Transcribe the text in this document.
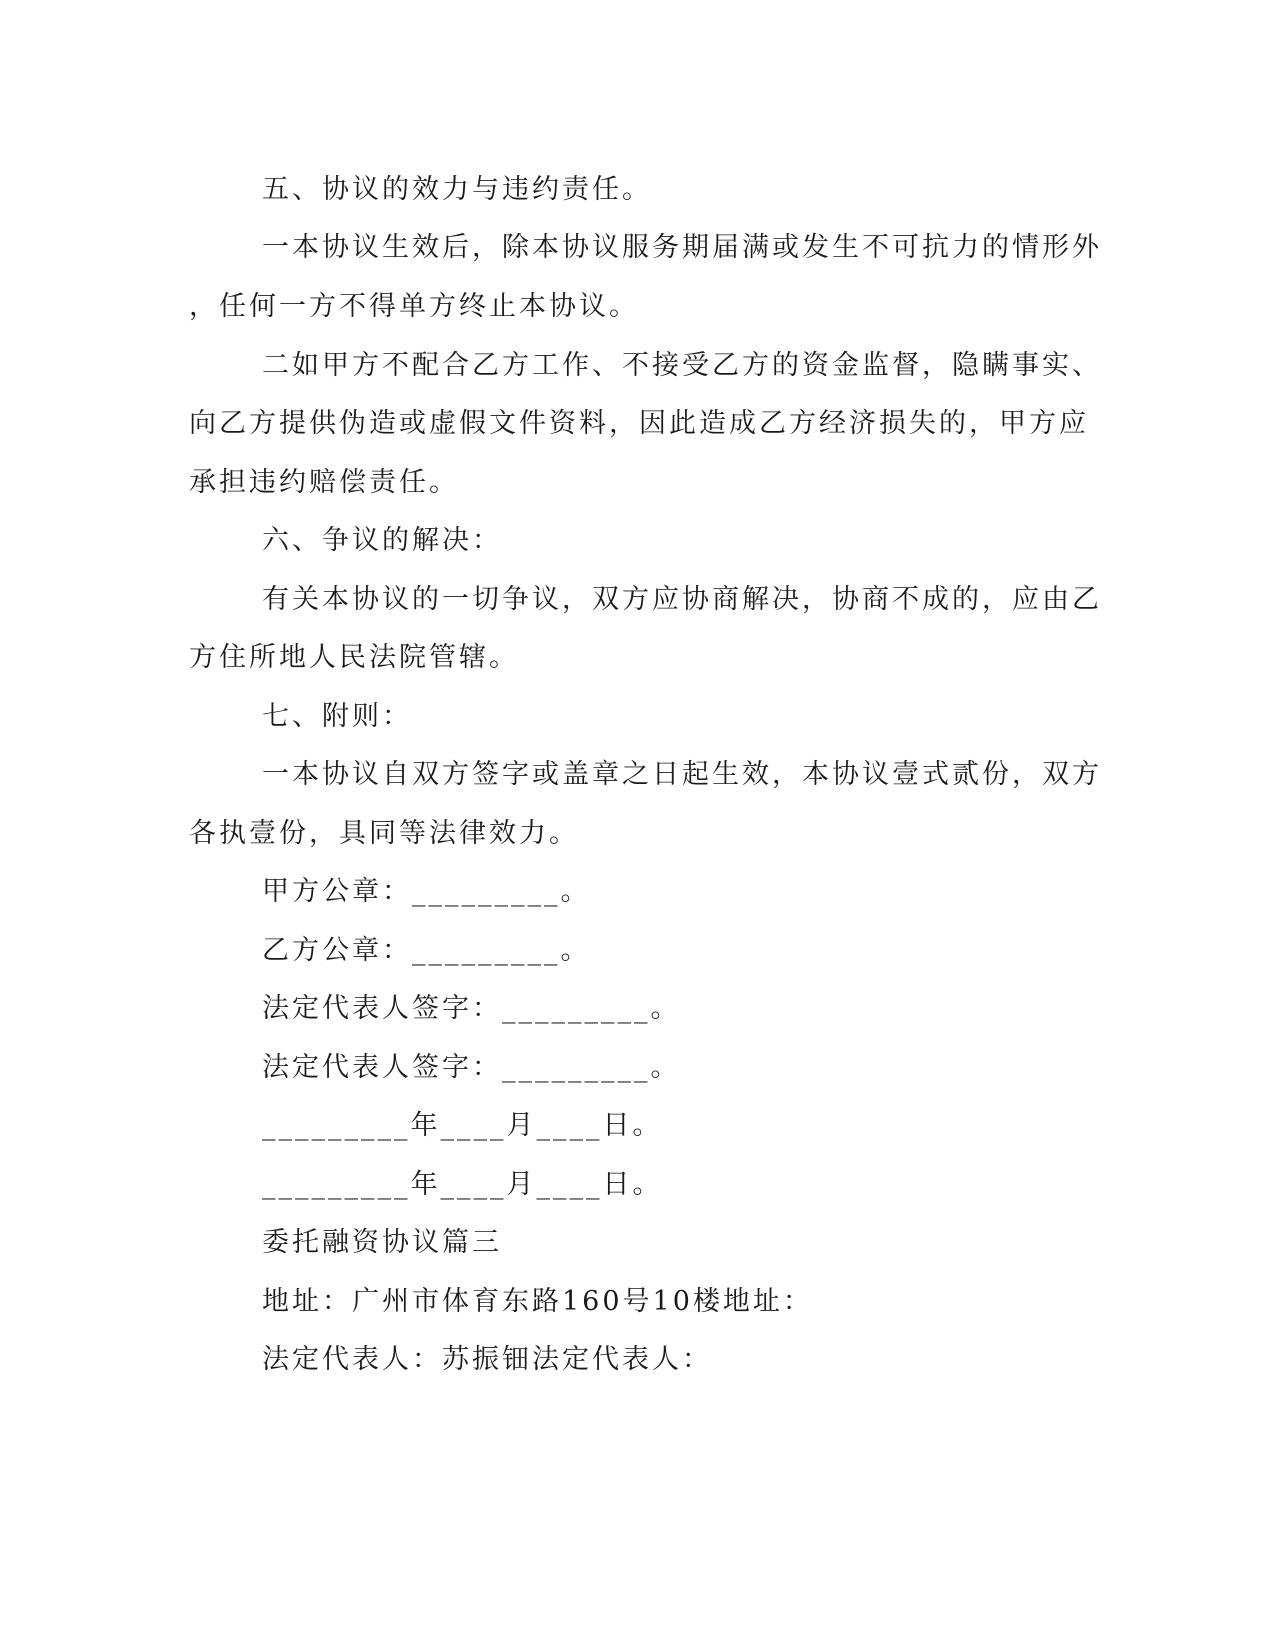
五、协议的效力与违约责任。
一本协议生效后，除本协议服务期届满或发生不可抗力的情形外
，任何一方不得单方终止本协议。
二如甲方不配合乙方工作、不接受乙方的资金监督，隐瞒事实、
向乙方提供伪造或虚假文件资料，因此造成乙方经济损失的，甲方应
承担违约赔偿责任。
六、争议的解决：
有关本协议的一切争议，双方应协商解决，协商不成的，应由乙
方住所地人民法院管辖。
七、附则：
一本协议自双方签字或盖章之日起生效，本协议壹式贰份，双方
各执壹份，具同等法律效力。
甲方公章：_________。
乙方公章：_________。
法定代表人签字：_________。
法定代表人签字：_________。
_________年____月____日。
_________年____月____日。
委托融资协议篇三
地址：广州市体育东路160号10楼地址：
法定代表人：苏振钿法定代表人：
